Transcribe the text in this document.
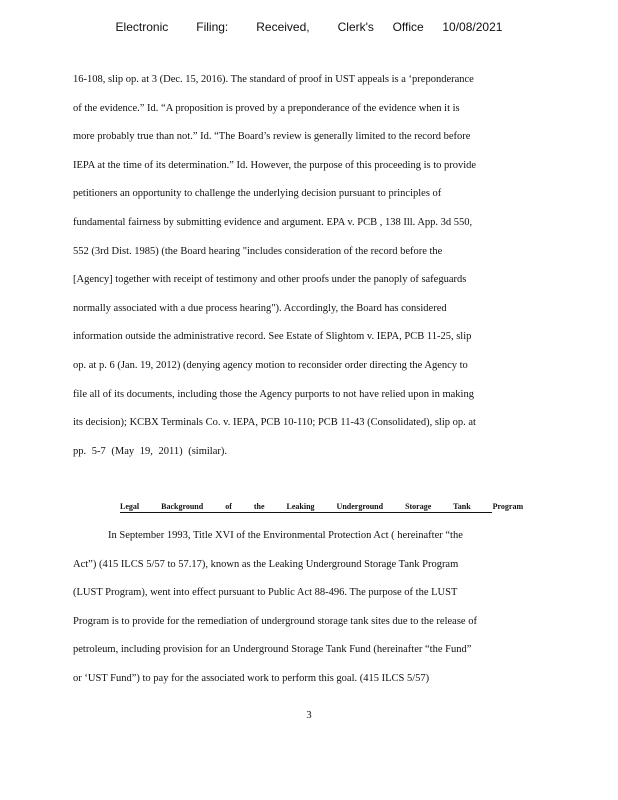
Electronic   Filing:   Received,   Clerk's  Office  10/08/2021
16-108, slip op. at 3 (Dec. 15, 2016). The standard of proof in UST appeals is a ‘preponderance
of the evidence.” Id. “A proposition is proved by a preponderance of the evidence when it is
more probably true than not.” Id. “The Board’s review is generally limited to the record before
IEPA at the time of its determination.” Id. However, the purpose of this proceeding is to provide
petitioners an opportunity to challenge the underlying decision pursuant to principles of
fundamental fairness by submitting evidence and argument. EPA v. PCB , 138 Ill. App. 3d 550,
552 (3rd Dist. 1985) (the Board hearing "includes consideration of the record before the
[Agency] together with receipt of testimony and other proofs under the panoply of safeguards
normally associated with a due process hearing"). Accordingly, the Board has considered
information outside the administrative record. See Estate of Slightom v. IEPA, PCB 11-25, slip
op. at p. 6 (Jan. 19, 2012) (denying agency motion to reconsider order directing the Agency to
file all of its documents, including those the Agency purports to not have relied upon in making
its decision); KCBX Terminals Co. v. IEPA, PCB 10-110; PCB 11-43 (Consolidated), slip op. at
pp. 5-7 (May 19, 2011) (similar).
Legal Background of the Leaking Underground Storage Tank Program
In September 1993, Title XVI of the Environmental Protection Act ( hereinafter “the
Act”) (415 ILCS 5/57 to 57.17), known as the Leaking Underground Storage Tank Program
(LUST Program), went into effect pursuant to Public Act 88-496. The purpose of the LUST
Program is to provide for the remediation of underground storage tank sites due to the release of
petroleum, including provision for an Underground Storage Tank Fund (hereinafter “the Fund”
or ‘UST Fund”) to pay for the associated work to perform this goal. (415 ILCS 5/57)
3
